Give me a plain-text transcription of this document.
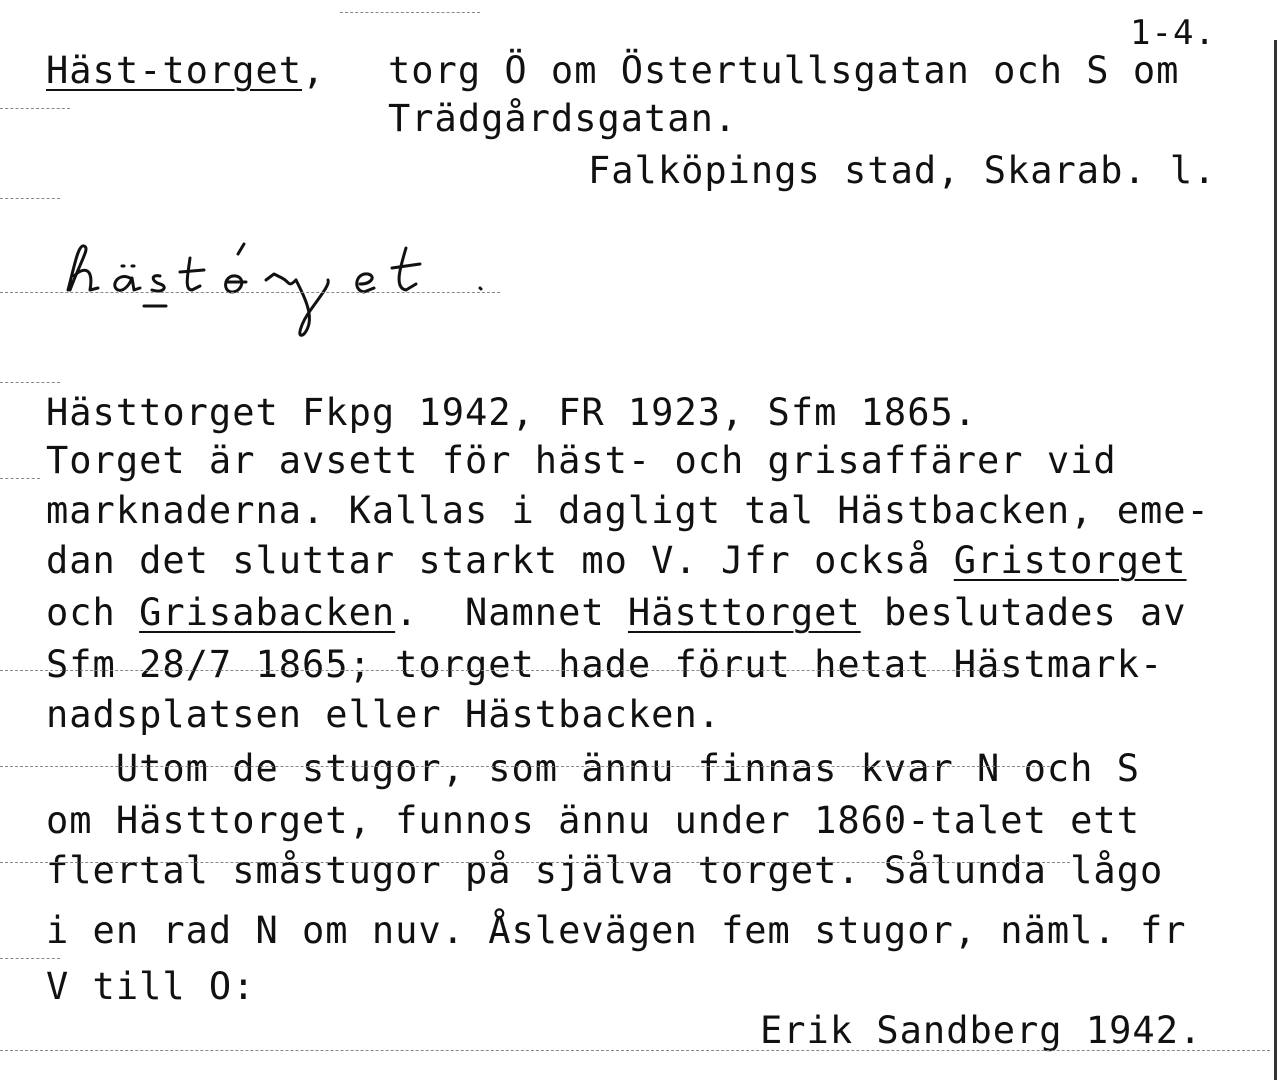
1-4.
Häst-torget, torg Ö om Östertullsgatan och S om
Trädgårdsgatan.
Falköpings stad, Skarab. l.
Hästtorget Fkpg 1942, FR 1923, Sfm 1865.
Torget är avsett för häst- och grisaffärer vid
marknaderna. Kallas i dagligt tal Hästbacken, eme-
dan det sluttar starkt mo V. Jfr också Gristorget
och Grisabacken.  Namnet Hästtorget beslutades av
Sfm 28/7 1865; torget hade förut hetat Hästmark-
nadsplatsen eller Hästbacken.
Utom de stugor, som ännu finnas kvar N och S
om Hästtorget, funnos ännu under 1860-talet ett
flertal småstugor på själva torget. Sålunda lågo
i en rad N om nuv. Åslevägen fem stugor, näml. fr
V till O:
Erik Sandberg 1942.
